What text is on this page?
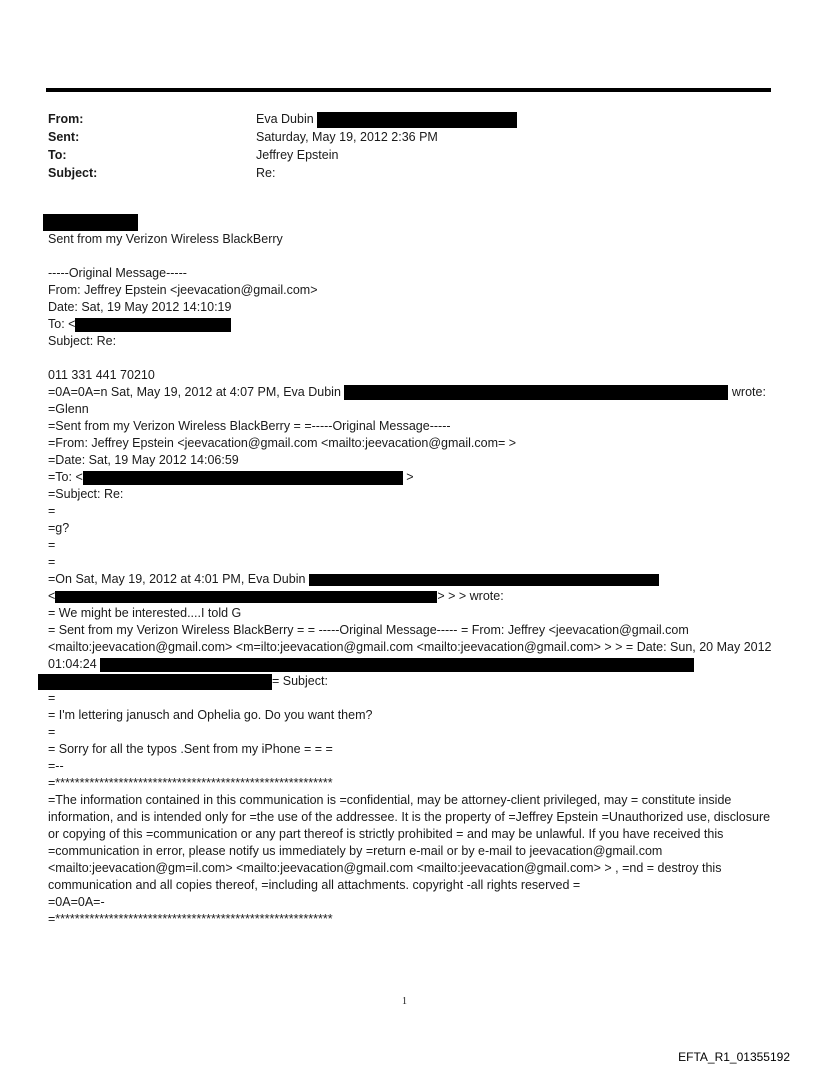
From:	Eva Dubin
Sent:	Saturday, May 19, 2012 2:36 PM
To:	Jeffrey Epstein
Subject:	Re:
Sent from my Verizon Wireless BlackBerry
-----Original Message-----
From: Jeffrey Epstein <jeevacation@gmail.com>
Date: Sat, 19 May 2012 14:10:19
To: <
Subject: Re:
011 331 441 70210
=0A=0A=n Sat, May 19, 2012 at 4:07 PM, Eva Dubin	wrote:
=Glenn
=Sent from my Verizon Wireless BlackBerry = =-----Original Message-----
=From: Jeffrey Epstein <jeevacation@gmail.com <mailto:jeevacation@gmail.com= >
=Date: Sat, 19 May 2012 14:06:59
=To: <	>
=Subject: Re:
=
=g?
=
=
=On Sat, May 19, 2012 at 4:01 PM, Eva Dubin
<	> > > wrote:
= We might be interested....I told G
= Sent from my Verizon Wireless BlackBerry = = -----Original Message----- = From: Jeffrey <jeevacation@gmail.com <mailto:jeevacation@gmail.com> <m=ilto:jeevacation@gmail.com <mailto:jeevacation@gmail.com> > > = Date: Sun, 20 May 2012 01:04:24
= Subject:
=
= I'm lettering janusch and Ophelia go. Do you want them?
=
= Sorry for all the typos .Sent from my iPhone = = =
=--
=*********************************************************
=The information contained in this communication is =confidential, may be attorney-client privileged, may = constitute inside information, and is intended only for =the use of the addressee. It is the property of =Jeffrey Epstein =Unauthorized use, disclosure or copying of this =communication or any part thereof is strictly prohibited = and may be unlawful. If you have received this =communication in error, please notify us immediately by =return e-mail or by e-mail to jeevacation@gmail.com <mailto:jeevacation@gm=il.com> <mailto:jeevacation@gmail.com <mailto:jeevacation@gmail.com> > , =nd = destroy this communication and all copies thereof, =including all attachments. copyright -all rights reserved =
=0A=0A=-
=*********************************************************
1
EFTA_R1_01355192
